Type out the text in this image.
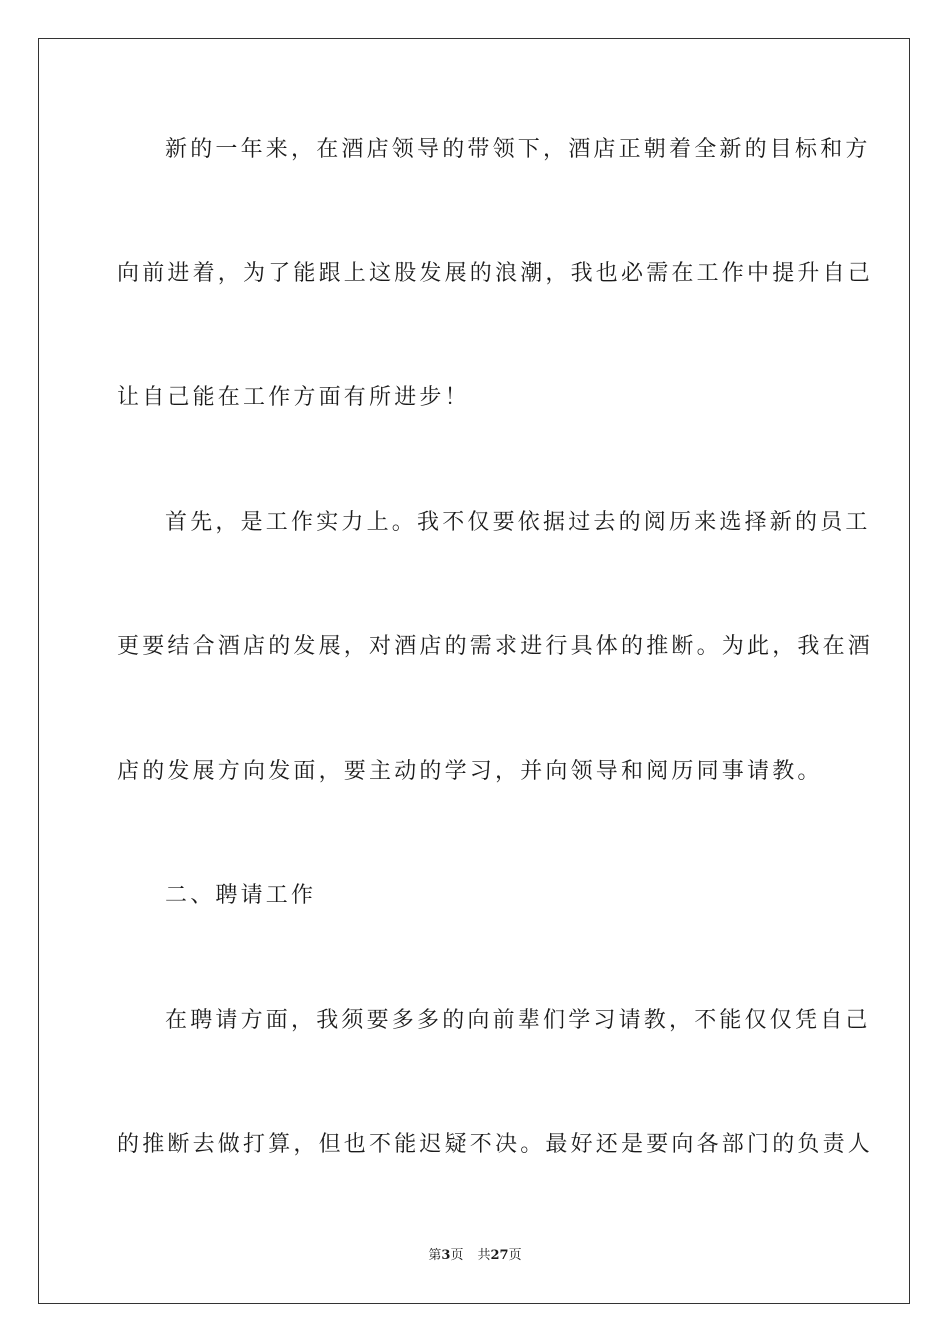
新的一年来，在酒店领导的带领下，酒店正朝着全新的目标和方
向前进着，为了能跟上这股发展的浪潮，我也必需在工作中提升自己
让自己能在工作方面有所进步！
首先，是工作实力上。我不仅要依据过去的阅历来选择新的员工
更要结合酒店的发展，对酒店的需求进行具体的推断。为此，我在酒
店的发展方向发面，要主动的学习，并向领导和阅历同事请教。
二、聘请工作
在聘请方面，我须要多多的向前辈们学习请教，不能仅仅凭自己
的推断去做打算，但也不能迟疑不决。最好还是要向各部门的负责人
第3页 共27页
